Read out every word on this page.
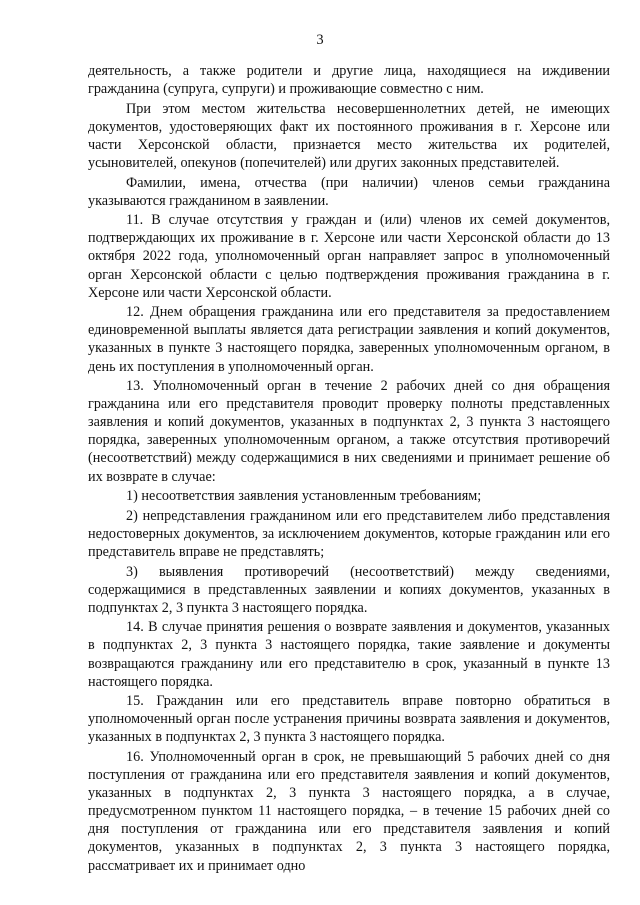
3

деятельность, а также родители и другие лица, находящиеся на иждивении гражданина (супруга, супруги) и проживающие совместно с ним.

При этом местом жительства несовершеннолетних детей, не имеющих документов, удостоверяющих факт их постоянного проживания в г. Херсоне или части Херсонской области, признается место жительства их родителей, усыновителей, опекунов (попечителей) или других законных представителей.

Фамилии, имена, отчества (при наличии) членов семьи гражданина указываются гражданином в заявлении.

11. В случае отсутствия у граждан и (или) членов их семей документов, подтверждающих их проживание в г. Херсоне или части Херсонской области до 13 октября 2022 года, уполномоченный орган направляет запрос в уполномоченный орган Херсонской области с целью подтверждения проживания гражданина в г. Херсоне или части Херсонской области.

12. Днем обращения гражданина или его представителя за предоставлением единовременной выплаты является дата регистрации заявления и копий документов, указанных в пункте 3 настоящего порядка, заверенных уполномоченным органом, в день их поступления в уполномоченный орган.

13. Уполномоченный орган в течение 2 рабочих дней со дня обращения гражданина или его представителя проводит проверку полноты представленных заявления и копий документов, указанных в подпунктах 2, 3 пункта 3 настоящего порядка, заверенных уполномоченным органом, а также отсутствия противоречий (несоответствий) между содержащимися в них сведениями и принимает решение об их возврате в случае:

1) несоответствия заявления установленным требованиям;

2) непредставления гражданином или его представителем либо представления недостоверных документов, за исключением документов, которые гражданин или его представитель вправе не представлять;

3) выявления противоречий (несоответствий) между сведениями, содержащимися в представленных заявлении и копиях документов, указанных в подпунктах 2, 3 пункта 3 настоящего порядка.

14. В случае принятия решения о возврате заявления и документов, указанных в подпунктах 2, 3 пункта 3 настоящего порядка, такие заявление и документы возвращаются гражданину или его представителю в срок, указанный в пункте 13 настоящего порядка.

15. Гражданин или его представитель вправе повторно обратиться в уполномоченный орган после устранения причины возврата заявления и документов, указанных в подпунктах 2, 3 пункта 3 настоящего порядка.

16. Уполномоченный орган в срок, не превышающий 5 рабочих дней со дня поступления от гражданина или его представителя заявления и копий документов, указанных в подпунктах 2, 3 пункта 3 настоящего порядка, а в случае, предусмотренном пунктом 11 настоящего порядка, – в течение 15 рабочих дней со дня поступления от гражданина или его представителя заявления и копий документов, указанных в подпунктах 2, 3 пункта 3 настоящего порядка, рассматривает их и принимает одно
